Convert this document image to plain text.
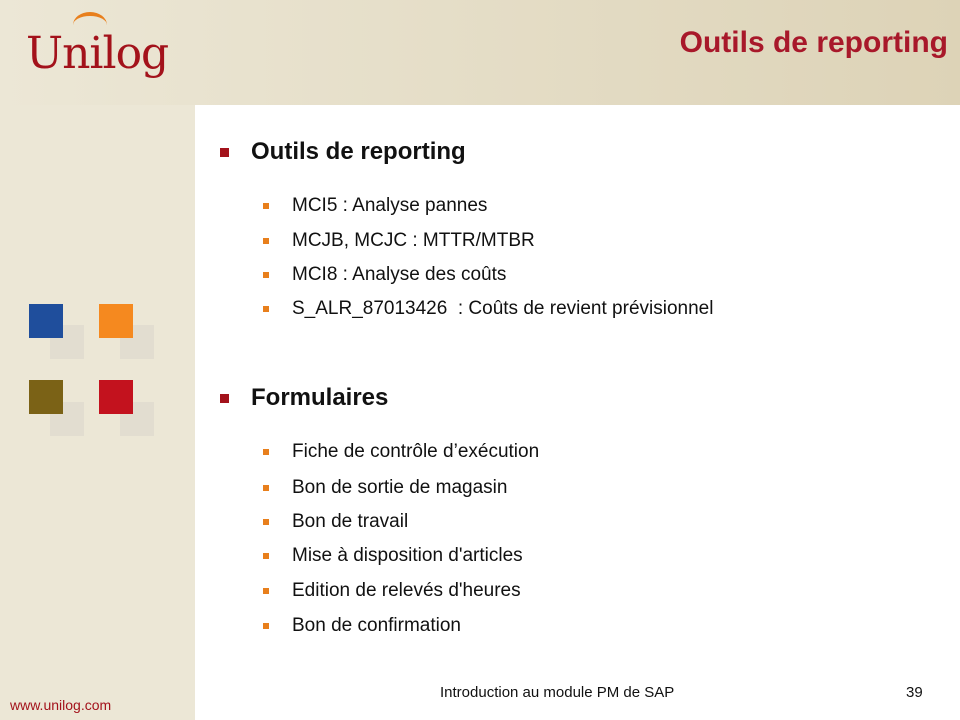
Unilog	Outils de reporting
Outils de reporting
MCI5 : Analyse pannes
MCJB, MCJC : MTTR/MTBR
MCI8 : Analyse des coûts
S_ALR_87013426  : Coûts de revient prévisionnel
Formulaires
Fiche de contrôle d’exécution
Bon de sortie de magasin
Bon de travail
Mise à disposition d'articles
Edition de relevés d'heures
Bon de confirmation
www.unilog.com
Introduction au module PM de SAP	39
